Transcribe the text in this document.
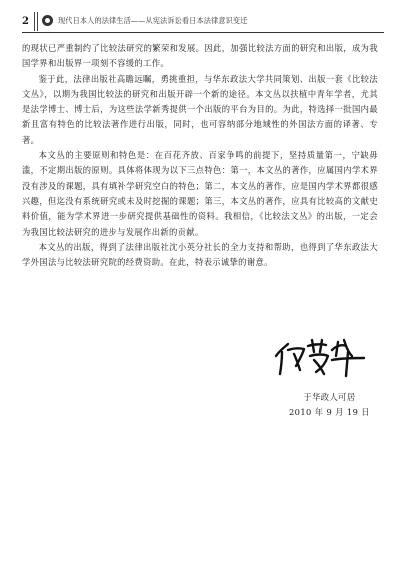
2	现代日本人的法律生活——从宪法诉讼看日本法律意识变迁

的现状已严重制约了比较法研究的繁荣和发展。因此，加强比较法方面的研究和出版，成为我国学界和出版界一项刻不容缓的工作。

鉴于此，法律出版社高瞻远瞩，勇挑重担，与华东政法大学共同策划、出版一套《比较法文丛》，以期为我国比较法的研究和出版开辟一个新的途径。本文丛以扶植中青年学者，尤其是法学博士、博士后，为这些法学新秀提供一个出版的平台为目的。为此，特选择一批国内最新且富有特色的比较法著作进行出版，同时，也可容纳部分地域性的外国法方面的译著、专著。

本文丛的主要原则和特色是：在百花齐放、百家争鸣的前提下，坚持质量第一，宁缺毋滥，不定期出版的原则。具体将体现为以下三点特色：第一，本文丛的著作，应属国内学术界没有涉及的课题，具有填补学研究空白的特色；第二，本文丛的著作，应是国内学术界都很感兴趣，但迄没有系统研究或未及时挖掘的课题；第三，本文丛的著作，应具有比较高的文献史料价值，能为学术界进一步研究提供基础性的资料。我相信，《比较法文丛》的出版，一定会为我国比较法研究的进步与发展作出新的贡献。

本文丛的出版，得到了法律出版社沈小英分社长的全力支持和帮助，也得到了华东政法大学外国法与比较法研究院的经费资助。在此，特表示诚挚的谢意。

于华政人可居
2010 年 9 月 19 日
